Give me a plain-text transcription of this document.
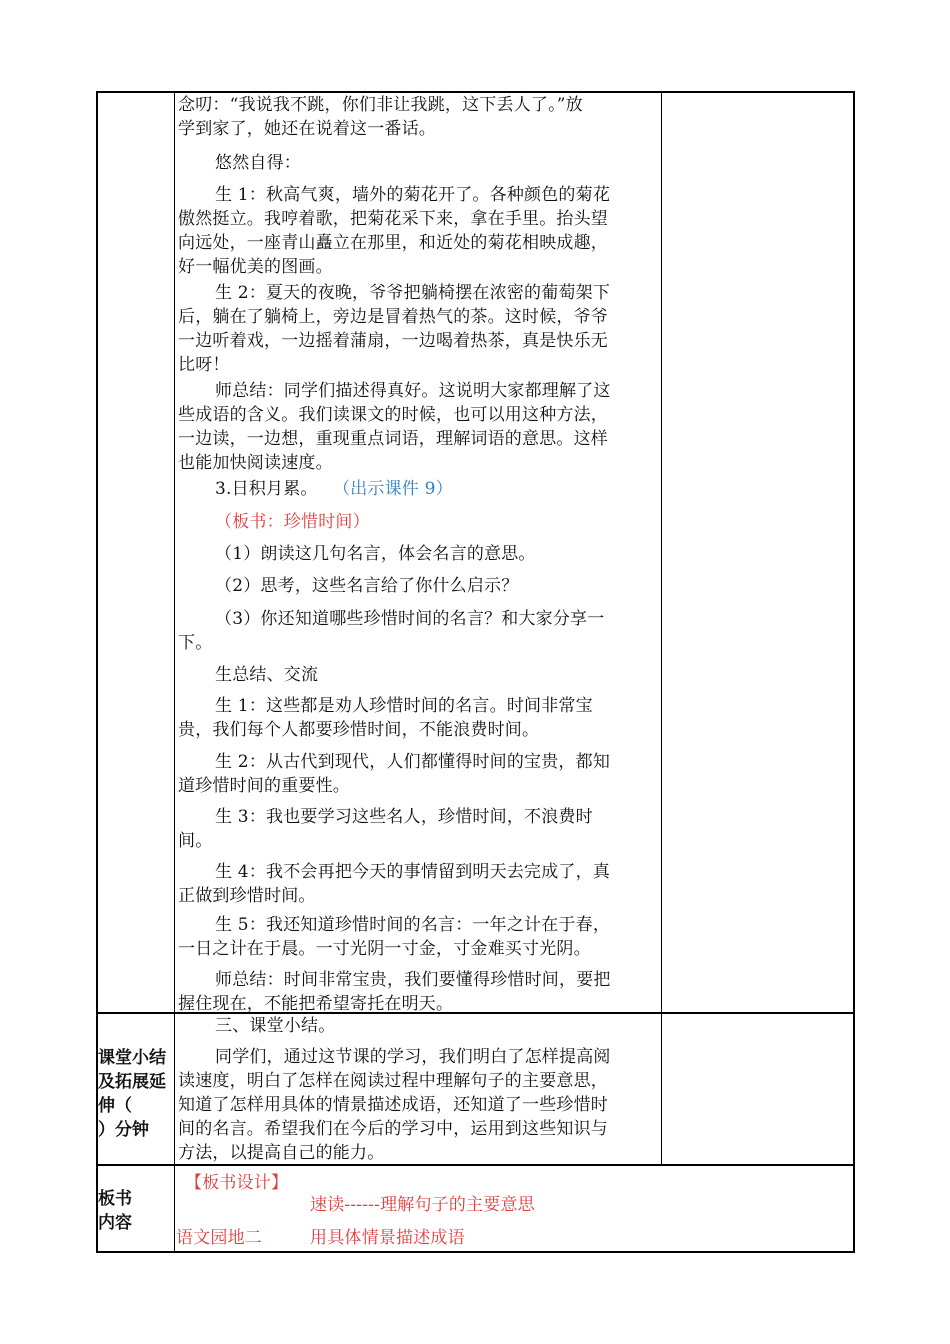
念叨：“我说我不跳，你们非让我跳，这下丢人了。”放
学到家了，她还在说着这一番话。
悠然自得：
生 1：秋高气爽，墙外的菊花开了。各种颜色的菊花
傲然挺立。我哼着歌，把菊花采下来，拿在手里。抬头望
向远处，一座青山矗立在那里，和近处的菊花相映成趣，
好一幅优美的图画。
生 2：夏天的夜晚，爷爷把躺椅摆在浓密的葡萄架下
后，躺在了躺椅上，旁边是冒着热气的茶。这时候，爷爷
一边听着戏，一边摇着蒲扇，一边喝着热茶，真是快乐无
比呀！
师总结：同学们描述得真好。这说明大家都理解了这
些成语的含义。我们读课文的时候，也可以用这种方法，
一边读，一边想，重现重点词语，理解词语的意思。这样
也能加快阅读速度。
3.日积月累。 （出示课件 9）
（板书：珍惜时间）
（1）朗读这几句名言，体会名言的意思。
（2）思考，这些名言给了你什么启示？
（3）你还知道哪些珍惜时间的名言？和大家分享一
下。
生总结、交流
生 1：这些都是劝人珍惜时间的名言。时间非常宝
贵，我们每个人都要珍惜时间，不能浪费时间。
生 2：从古代到现代，人们都懂得时间的宝贵，都知
道珍惜时间的重要性。
生 3：我也要学习这些名人，珍惜时间，不浪费时
间。
生 4：我不会再把今天的事情留到明天去完成了，真
正做到珍惜时间。
生 5：我还知道珍惜时间的名言：一年之计在于春，
一日之计在于晨。一寸光阴一寸金，寸金难买寸光阴。
师总结：时间非常宝贵，我们要懂得珍惜时间，要把
握住现在，不能把希望寄托在明天。
课堂小结
及拓展延
伸（
）分钟
三、课堂小结。
同学们，通过这节课的学习，我们明白了怎样提高阅
读速度，明白了怎样在阅读过程中理解句子的主要意思，
知道了怎样用具体的情景描述成语，还知道了一些珍惜时
间的名言。希望我们在今后的学习中，运用到这些知识与
方法，以提高自己的能力。
板书
内容
【板书设计】
速读------理解句子的主要意思
语文园地二	用具体情景描述成语
